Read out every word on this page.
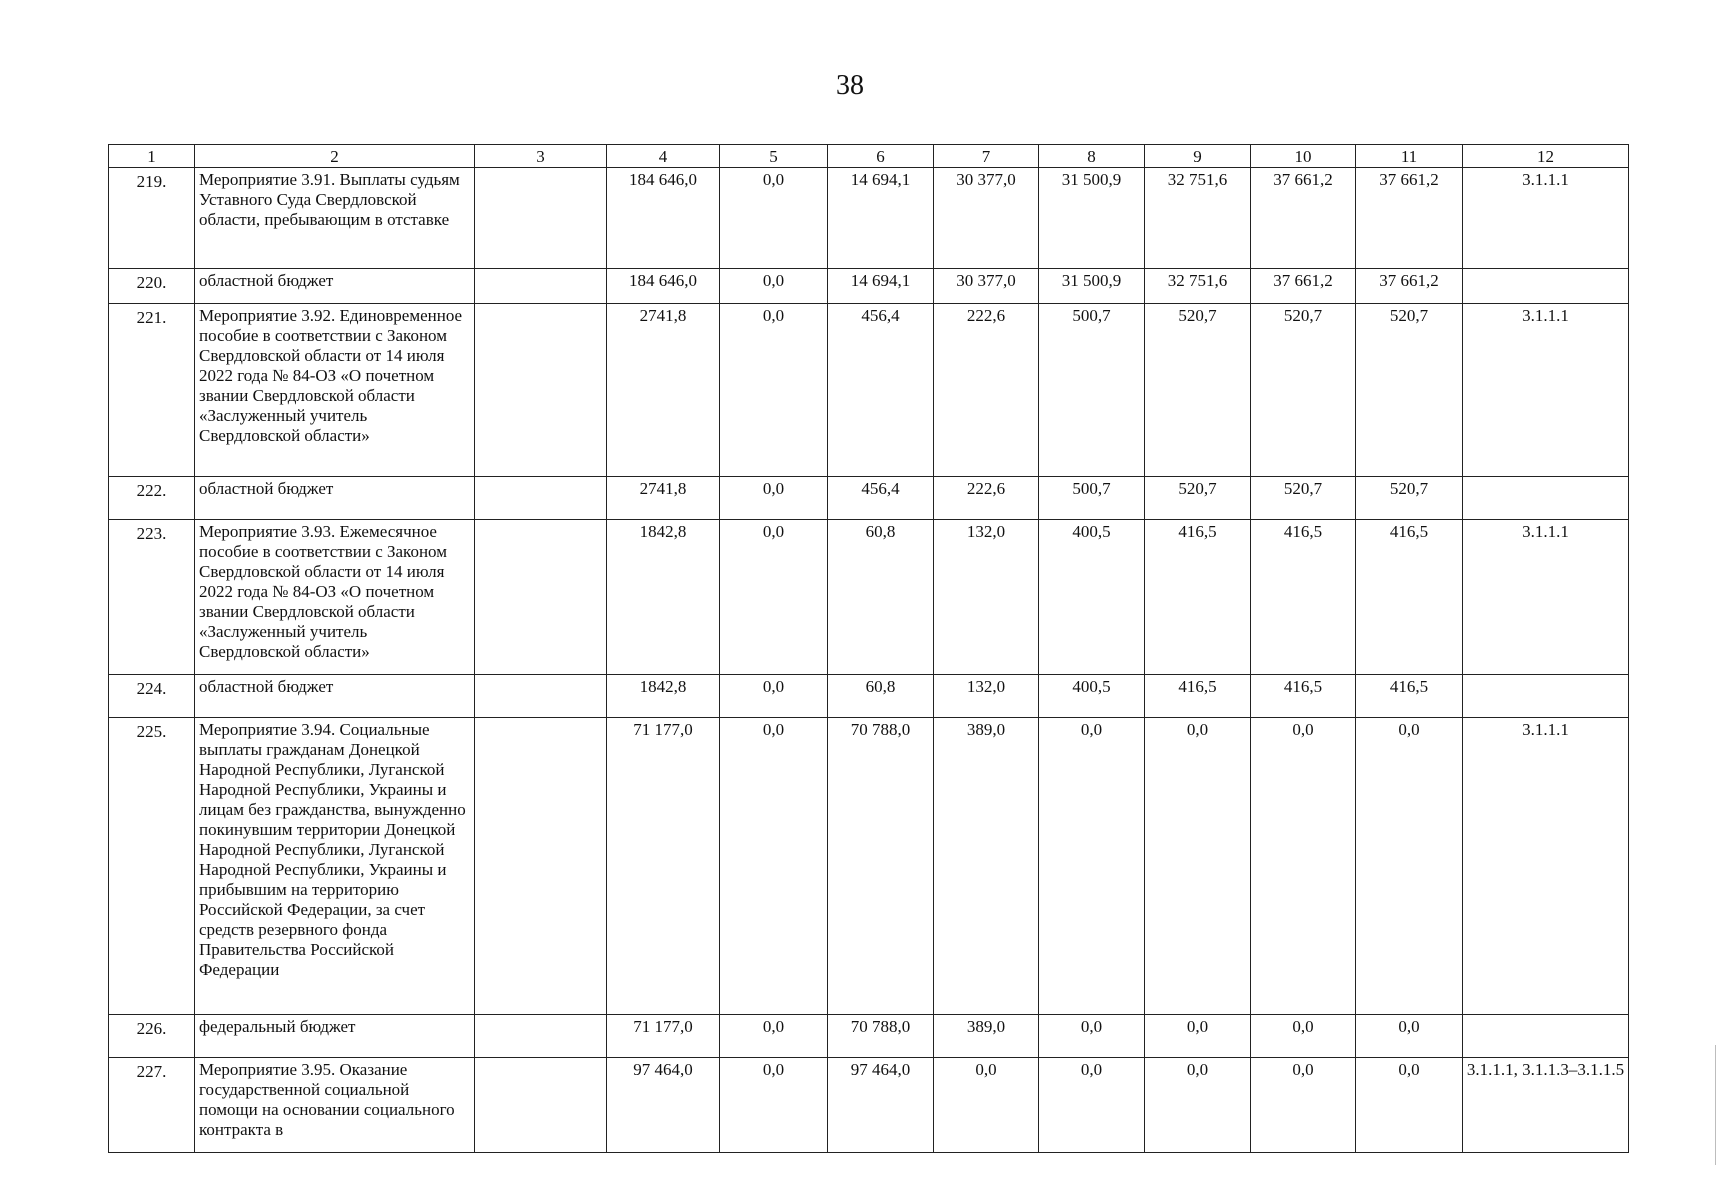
38
1	2	3	4	5	6	7	8	9	10	11	12
219.	Мероприятие 3.91. Выплаты судьям Уставного Суда Свердловской области, пребывающим в отставке		184 646,0	0,0	14 694,1	30 377,0	31 500,9	32 751,6	37 661,2	37 661,2	3.1.1.1
220.	областной бюджет		184 646,0	0,0	14 694,1	30 377,0	31 500,9	32 751,6	37 661,2	37 661,2	
221.	Мероприятие 3.92. Единовременное пособие в соответствии с Законом Свердловской области от 14 июля 2022 года № 84-ОЗ «О почетном звании Свердловской области «Заслуженный учитель Свердловской области»		2741,8	0,0	456,4	222,6	500,7	520,7	520,7	520,7	3.1.1.1
222.	областной бюджет		2741,8	0,0	456,4	222,6	500,7	520,7	520,7	520,7	
223.	Мероприятие 3.93. Ежемесячное пособие в соответствии с Законом Свердловской области от 14 июля 2022 года № 84-ОЗ «О почетном звании Свердловской области «Заслуженный учитель Свердловской области»		1842,8	0,0	60,8	132,0	400,5	416,5	416,5	416,5	3.1.1.1
224.	областной бюджет		1842,8	0,0	60,8	132,0	400,5	416,5	416,5	416,5	
225.	Мероприятие 3.94. Социальные выплаты гражданам Донецкой Народной Республики, Луганской Народной Республики, Украины и лицам без гражданства, вынужденно покинувшим территории Донецкой Народной Республики, Луганской Народной Республики, Украины и прибывшим на территорию Российской Федерации, за счет средств резервного фонда Правительства Российской Федерации		71 177,0	0,0	70 788,0	389,0	0,0	0,0	0,0	0,0	3.1.1.1
226.	федеральный бюджет		71 177,0	0,0	70 788,0	389,0	0,0	0,0	0,0	0,0	
227.	Мероприятие 3.95. Оказание государственной социальной помощи на основании социального контракта в		97 464,0	0,0	97 464,0	0,0	0,0	0,0	0,0	0,0	3.1.1.1, 3.1.1.3–3.1.1.5
